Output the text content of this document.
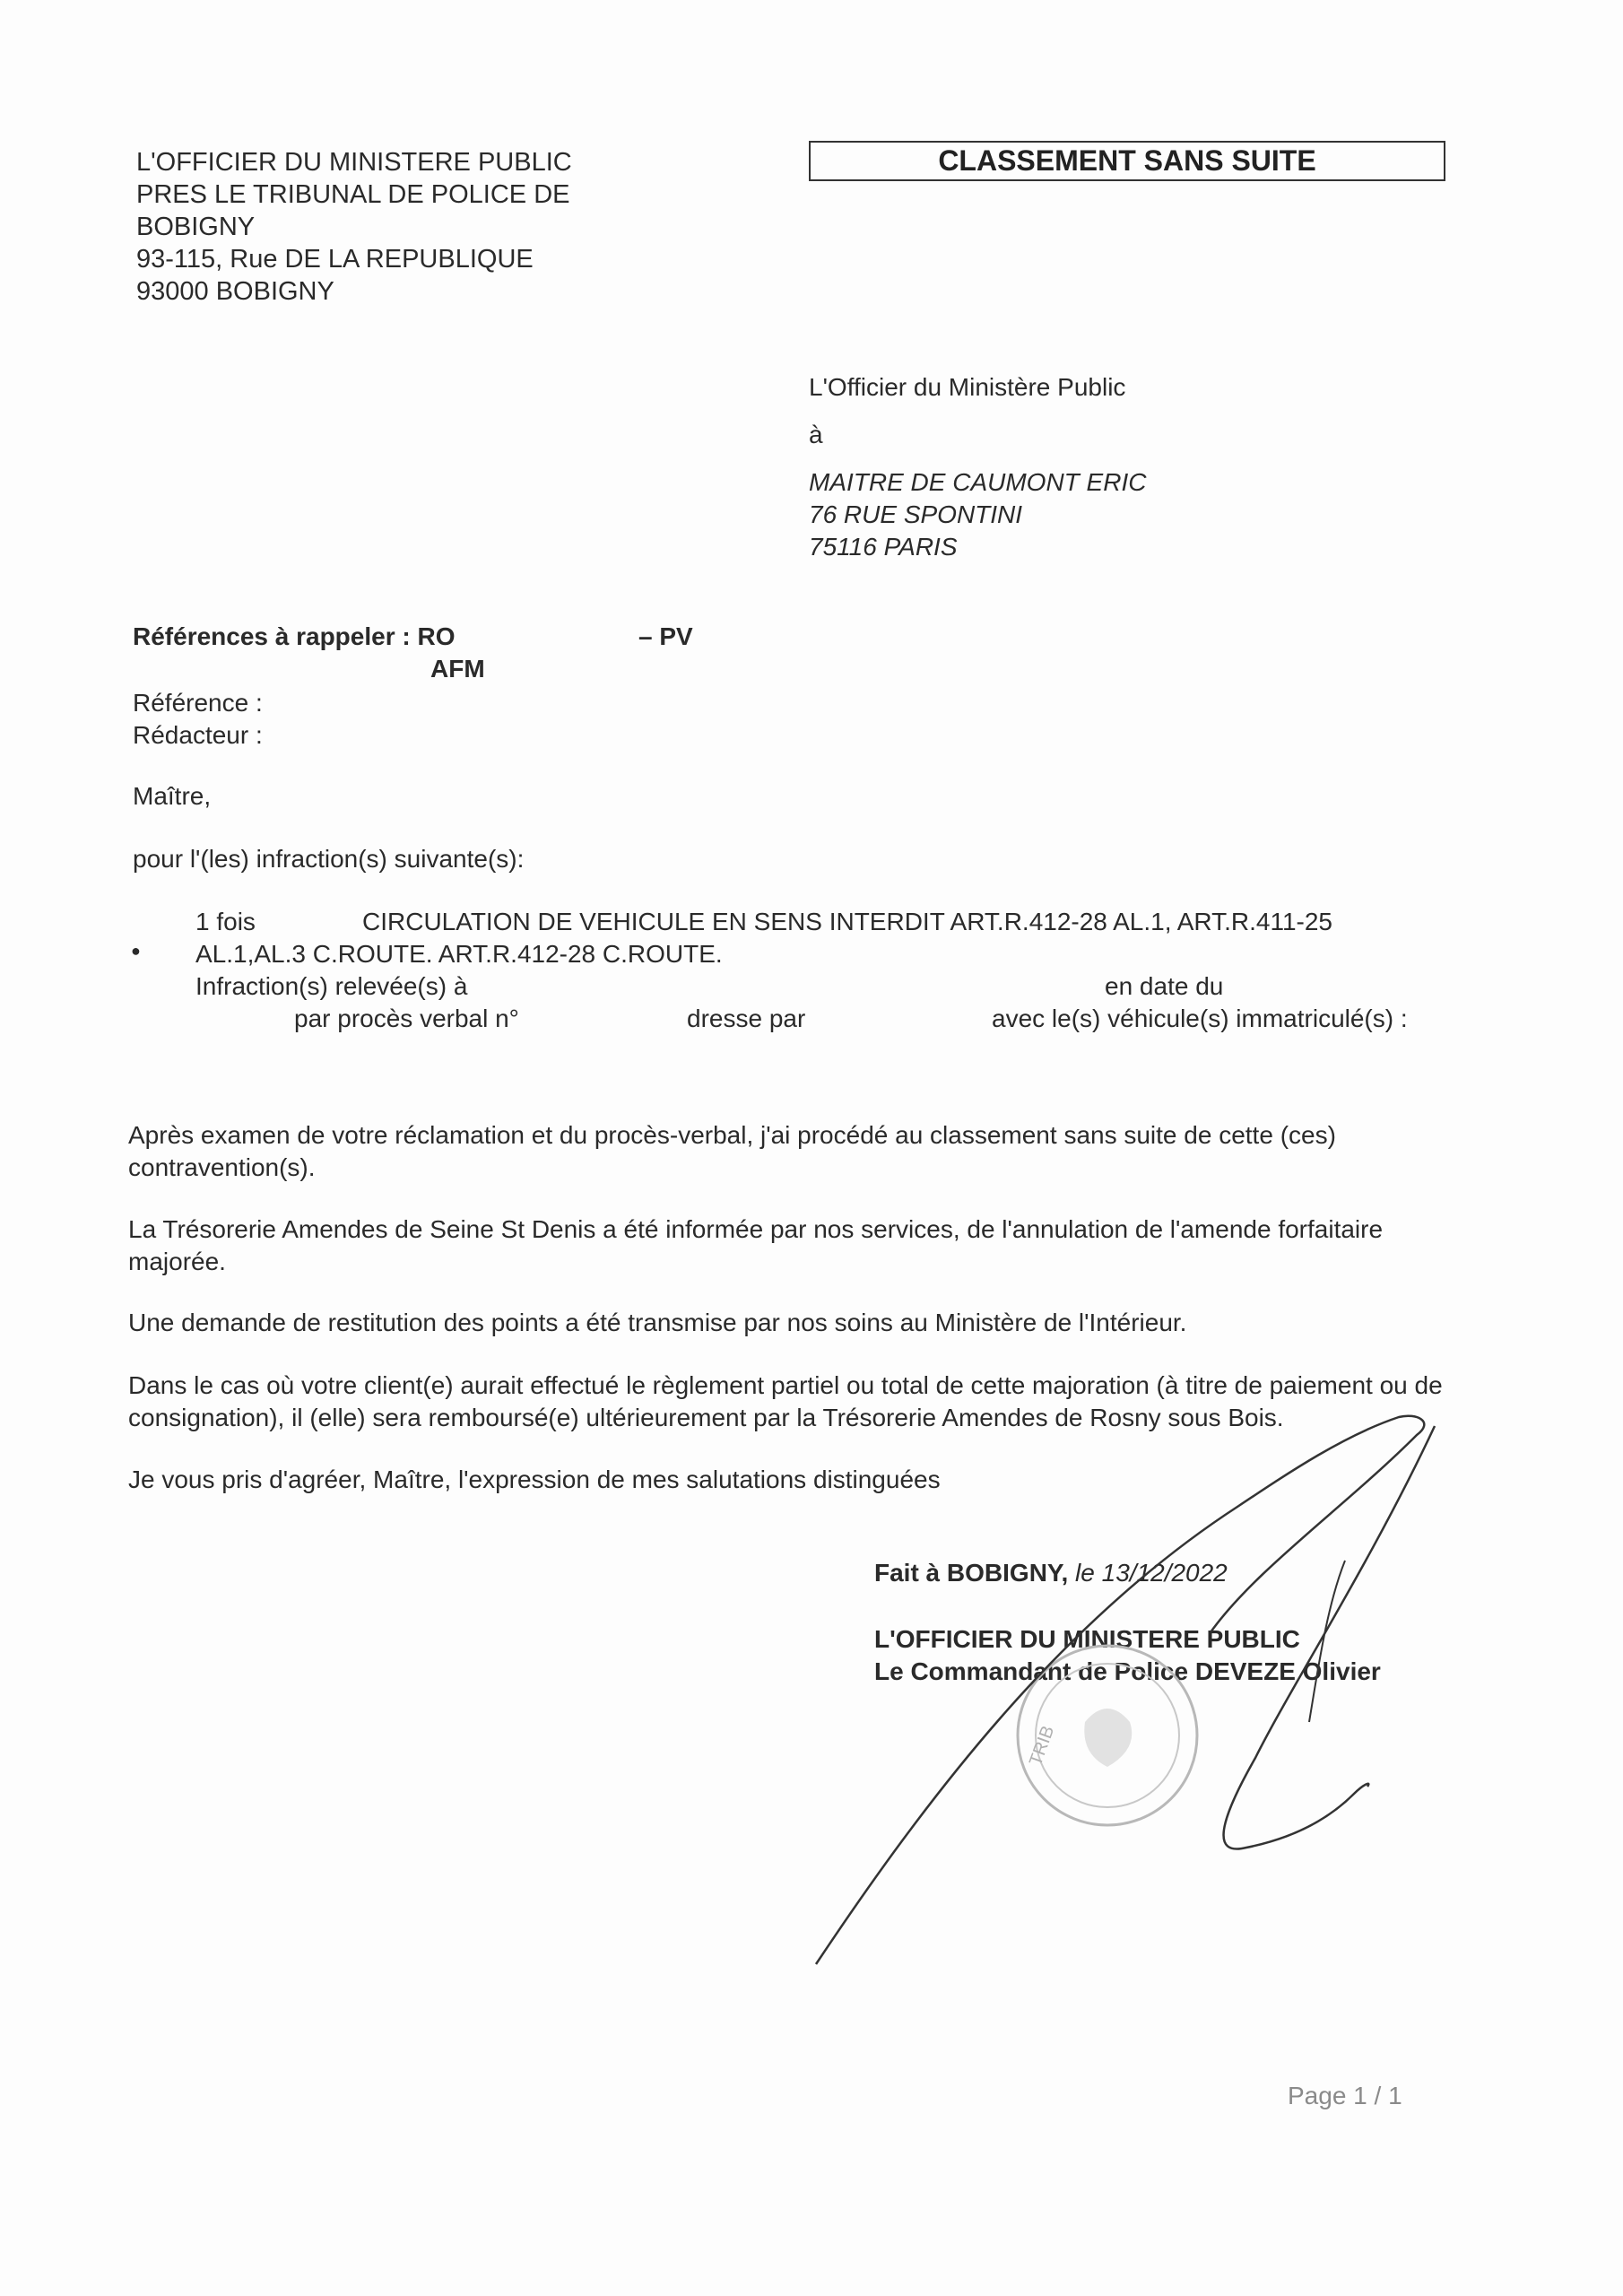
L'OFFICIER DU MINISTERE PUBLIC
PRES LE TRIBUNAL DE POLICE DE
BOBIGNY
93-115, Rue DE LA REPUBLIQUE
93000 BOBIGNY
CLASSEMENT SANS SUITE
L'Officier du Ministère Public
à
MAITRE DE CAUMONT ERIC
76 RUE SPONTINI
75116 PARIS
Références à rappeler : RO	– PV
AFM
Référence :
Rédacteur :
Maître,
pour l'(les) infraction(s) suivante(s):
1 fois	CIRCULATION DE VEHICULE EN SENS INTERDIT ART.R.412-28 AL.1, ART.R.411-25
● AL.1,AL.3 C.ROUTE. ART.R.412-28 C.ROUTE.
Infraction(s) relevée(s) à	en date du
par procès verbal n°	dresse par	avec le(s) véhicule(s) immatriculé(s) :
Après examen de votre réclamation et du procès-verbal, j'ai procédé au classement sans suite de cette (ces) contravention(s).
La Trésorerie Amendes de Seine St Denis a été informée par nos services, de l'annulation de l'amende forfaitaire majorée.
Une demande de restitution des points a été transmise par nos soins au Ministère de l'Intérieur.
Dans le cas où votre client(e) aurait effectué le règlement partiel ou total de cette majoration (à titre de paiement ou de consignation), il (elle) sera remboursé(e) ultérieurement par la Trésorerie Amendes de Rosny sous Bois.
Je vous pris d'agréer, Maître, l'expression de mes salutations distinguées
Fait à BOBIGNY, le 13/12/2022
L'OFFICIER DU MINISTERE PUBLIC
Le Commandant de Police DEVEZE Olivier
TRIB
Page 1 / 1
